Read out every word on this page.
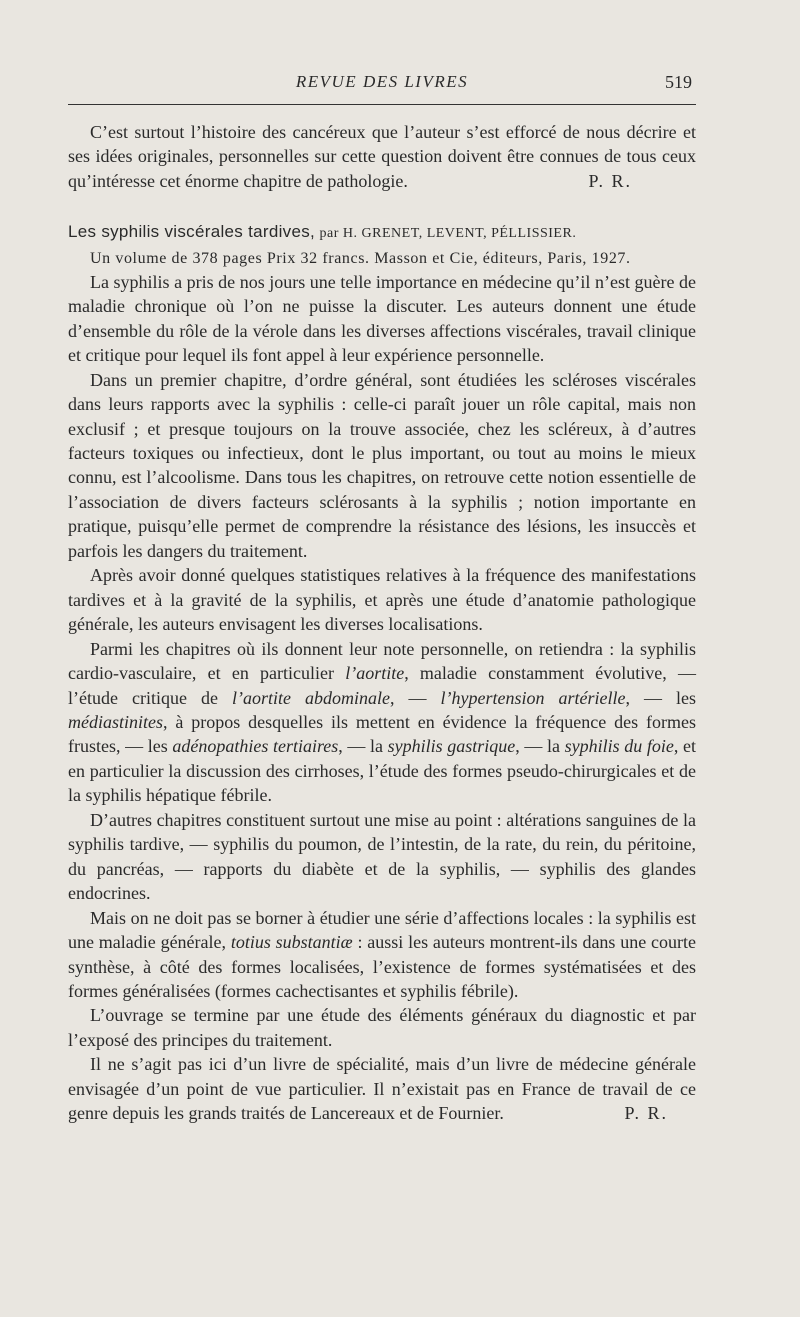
REVUE DES LIVRES	519

C’est surtout l’histoire des cancéreux que l’auteur s’est efforcé de nous décrire et ses idées originales, personnelles sur cette question doivent être connues de tous ceux qu’intéresse cet énorme chapitre de pathologie.	P. R.

Les syphilis viscérales tardives, par H. GRENET, LEVENT, PÉLLISSIER.

Un volume de 378 pages Prix 32 francs. Masson et Cie, éditeurs, Paris, 1927.

La syphilis a pris de nos jours une telle importance en médecine qu’il n’est guère de maladie chronique où l’on ne puisse la discuter. Les auteurs donnent une étude d’ensemble du rôle de la vérole dans les diverses affections viscérales, travail clinique et critique pour lequel ils font appel à leur expérience personnelle.

Dans un premier chapitre, d’ordre général, sont étudiées les scléroses viscérales dans leurs rapports avec la syphilis : celle-ci paraît jouer un rôle capital, mais non exclusif ; et presque toujours on la trouve associée, chez les scléreux, à d’autres facteurs toxiques ou infectieux, dont le plus important, ou tout au moins le mieux connu, est l’alcoolisme. Dans tous les chapitres, on retrouve cette notion essentielle de l’association de divers facteurs sclérosants à la syphilis ; notion importante en pratique, puisqu’elle permet de comprendre la résistance des lésions, les insuccès et parfois les dangers du traitement.

Après avoir donné quelques statistiques relatives à la fréquence des manifestations tardives et à la gravité de la syphilis, et après une étude d’anatomie pathologique générale, les auteurs envisagent les diverses localisations.

Parmi les chapitres où ils donnent leur note personnelle, on retiendra : la syphilis cardio-vasculaire, et en particulier l’aortite, maladie constamment évolutive, — l’étude critique de l’aortite abdominale, — l’hypertension artérielle, — les médiastinites, à propos desquelles ils mettent en évidence la fréquence des formes frustes, — les adénopathies tertiaires, — la syphilis gastrique, — la syphilis du foie, et en particulier la discussion des cirrhoses, l’étude des formes pseudo-chirurgicales et de la syphilis hépatique fébrile.

D’autres chapitres constituent surtout une mise au point : altérations sanguines de la syphilis tardive, — syphilis du poumon, de l’intestin, de la rate, du rein, du péritoine, du pancréas, — rapports du diabète et de la syphilis, — syphilis des glandes endocrines.

Mais on ne doit pas se borner à étudier une série d’affections locales : la syphilis est une maladie générale, totius substantiæ : aussi les auteurs montrent-ils dans une courte synthèse, à côté des formes localisées, l’existence de formes systématisées et des formes généralisées (formes cachectisantes et syphilis fébrile).

L’ouvrage se termine par une étude des éléments généraux du diagnostic et par l’exposé des principes du traitement.

Il ne s’agit pas ici d’un livre de spécialité, mais d’un livre de médecine générale envisagée d’un point de vue particulier. Il n’existait pas en France de travail de ce genre depuis les grands traités de Lancereaux et de Fournier.	P. R.
